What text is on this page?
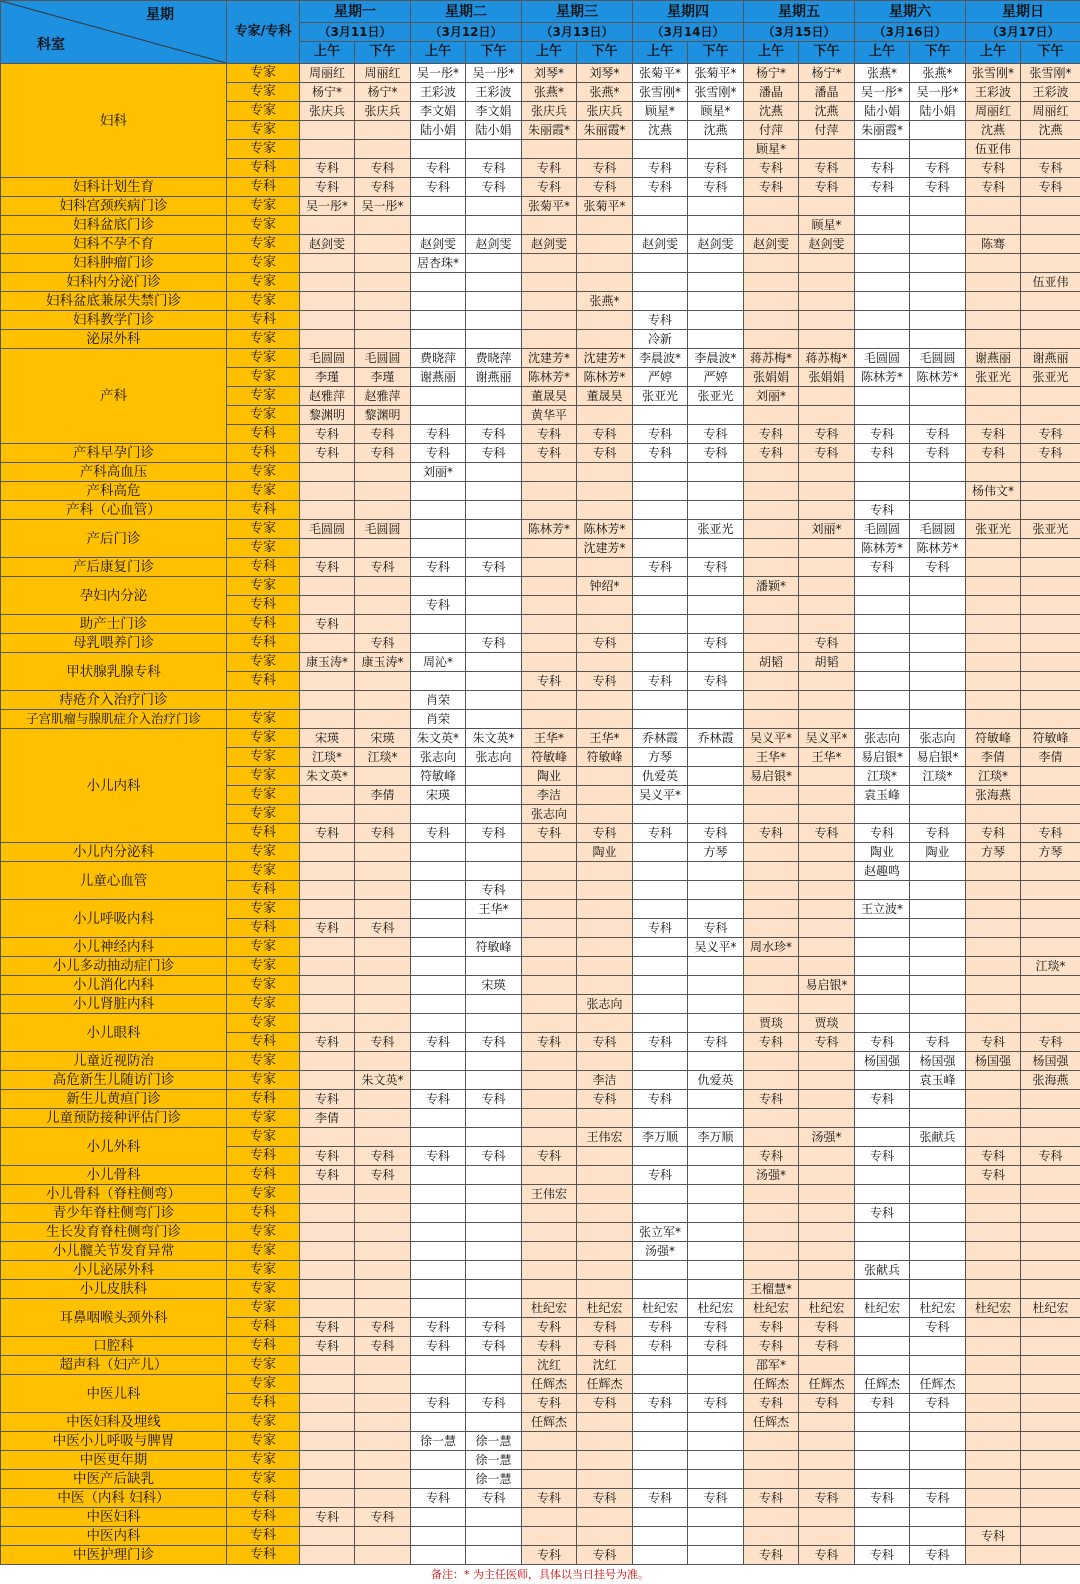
星期
科室	专家/专科	星期一		星期二		星期三		星期四		星期五		星期六		星期日	
		（3月11日）		（3月12日）		（3月13日）		（3月14日）		（3月15日）		（3月16日）		（3月17日）	
		上午	下午	上午	下午	上午	下午	上午	下午	上午	下午	上午	下午	上午	下午
妇科	专家	周丽红	周丽红	吴一彤*	吴一彤*	刘琴*	刘琴*	张菊平*	张菊平*	杨宁*	杨宁*	张燕*	张燕*	张雪刚*	张雪刚*
	专家	杨宁*	杨宁*	王彩波	王彩波	张燕*	张燕*	张雪刚*	张雪刚*	潘晶	潘晶	吴一彤*	吴一彤*	王彩波	王彩波
	专家	张庆兵	张庆兵	李文娟	李文娟	张庆兵	张庆兵	顾星*	顾星*	沈燕	沈燕	陆小娟	陆小娟	周丽红	周丽红
	专家			陆小娟	陆小娟	朱丽霞*	朱丽霞*	沈燕	沈燕	付萍	付萍	朱丽霞*		沈燕	沈燕
	专家									顾星*				伍亚伟	
	专科	专科	专科	专科	专科	专科	专科	专科	专科	专科	专科	专科	专科	专科	专科
妇科计划生育	专科	专科	专科	专科	专科	专科	专科	专科	专科	专科	专科	专科	专科	专科	专科
妇科宫颈疾病门诊	专家	吴一彤*	吴一彤*			张菊平*	张菊平*								
妇科盆底门诊	专家										顾星*				
妇科不孕不育	专家	赵剑雯		赵剑雯	赵剑雯	赵剑雯		赵剑雯	赵剑雯	赵剑雯	赵剑雯			陈骞	
妇科肿瘤门诊	专家			居杏珠*											
妇科内分泌门诊	专家														伍亚伟
妇科盆底兼尿失禁门诊	专家						张燕*								
妇科教学门诊	专科							专科							
泌尿外科	专家							冷新							
产科	专家	毛圆圆	毛圆圆	费晓萍	费晓萍	沈建芳*	沈建芳*	李晨波*	李晨波*	蒋苏梅*	蒋苏梅*	毛圆圆	毛圆圆	谢燕丽	谢燕丽
	专家	李瑾	李瑾	谢燕丽	谢燕丽	陈林芳*	陈林芳*	严婷	严婷	张娟娟	张娟娟	陈林芳*	陈林芳*	张亚光	张亚光
	专家	赵雅萍	赵雅萍			董晟昊	董晟昊	张亚光	张亚光	刘丽*					
	专家	黎渊明	黎渊明			黄华平									
	专科	专科	专科	专科	专科	专科	专科	专科	专科	专科	专科	专科	专科	专科	专科
产科早孕门诊	专科	专科	专科	专科	专科	专科	专科	专科	专科	专科	专科	专科	专科	专科	专科
产科高血压	专家			刘丽*											
产科高危	专家													杨伟文*	
产科（心血管）	专科											专科			
产后门诊	专家	毛圆圆	毛圆圆			陈林芳*	陈林芳*		张亚光		刘丽*	毛圆圆	毛圆圆	张亚光	张亚光
	专家						沈建芳*					陈林芳*	陈林芳*		
产后康复门诊	专科	专科	专科	专科	专科			专科	专科			专科	专科		
孕妇内分泌	专家						钟绍*			潘颖*					
	专科			专科											
助产士门诊	专科	专科													
母乳喂养门诊	专科		专科		专科		专科		专科		专科				
甲状腺乳腺专科	专家	康玉涛*	康玉涛*	周沁*						胡韬	胡韬				
	专科					专科	专科	专科	专科						
痔疮介入治疗门诊				肖荣											
子宫肌瘤与腺肌症介入治疗门诊	专家			肖荣											
小儿内科	专家	宋瑛	宋瑛	朱文英*	朱文英*	王华*	王华*	乔林霞	乔林霞	吴义平*	吴义平*	张志向	张志向	符敏峰	符敏峰
	专家	江琰*	江琰*	张志向	张志向	符敏峰	符敏峰	方琴		王华*	王华*	易启银*	易启银*	李倩	李倩
	专家	朱文英*		符敏峰		陶业		仇爱英		易启银*		江琰*	江琰*	江琰*	
	专家		李倩	宋瑛		李洁		吴义平*				袁玉峰		张海燕	
	专家					张志向									
	专科	专科	专科	专科	专科	专科	专科	专科	专科	专科	专科	专科	专科	专科	专科
小儿内分泌科	专家						陶业		方琴			陶业	陶业	方琴	方琴
儿童心血管	专家											赵趣鸣			
	专科				专科										
小儿呼吸内科	专家				王华*							王立波*			
	专科	专科	专科					专科	专科						
小儿神经内科	专家				符敏峰				吴义平*	周水珍*					
小儿多动抽动症门诊	专家														江琰*
小儿消化内科	专家				宋瑛						易启银*				
小儿肾脏内科	专家						张志向								
小儿眼科	专家									贾琰	贾琰				
	专科	专科	专科	专科	专科	专科	专科	专科	专科	专科	专科	专科	专科	专科	专科
儿童近视防治	专家											杨国强	杨国强	杨国强	杨国强
高危新生儿随访门诊	专家		朱文英*				李洁		仇爱英				袁玉峰		张海燕
新生儿黄疸门诊	专科	专科		专科	专科		专科	专科		专科		专科			
儿童预防接种评估门诊	专家	李倩													
小儿外科	专家						王伟宏	李万顺	李万顺		汤强*		张献兵		
	专科	专科	专科	专科	专科	专科				专科		专科		专科	专科
小儿骨科	专科	专科	专科					专科		汤强*				专科	
小儿骨科（脊柱侧弯）	专家					王伟宏									
青少年脊柱侧弯门诊	专科											专科			
生长发育脊柱侧弯门诊	专家							张立军*							
小儿髋关节发育异常	专家							汤强*							
小儿泌尿外科	专家											张献兵			
小儿皮肤科	专家									王榴慧*					
耳鼻咽喉头颈外科	专家					杜纪宏	杜纪宏	杜纪宏	杜纪宏	杜纪宏	杜纪宏	杜纪宏	杜纪宏	杜纪宏	杜纪宏
	专科	专科	专科	专科	专科	专科	专科	专科	专科	专科	专科		专科		
口腔科	专科	专科	专科	专科	专科	专科	专科	专科	专科	专科	专科				
超声科（妇产儿）	专家					沈红	沈红			邵军*					
中医儿科	专家					任辉杰	任辉杰			任辉杰	任辉杰	任辉杰	任辉杰		
	专科			专科	专科	专科	专科	专科	专科	专科	专科	专科	专科		
中医妇科及埋线	专家					任辉杰				任辉杰					
中医小儿呼吸与脾胃	专家			徐一慧	徐一慧										
中医更年期	专家				徐一慧										
中医产后缺乳	专家				徐一慧										
中医（内科 妇科）	专科			专科	专科	专科	专科	专科	专科	专科	专科	专科	专科		
中医妇科	专科	专科	专科												
中医内科	专科													专科	
中医护理门诊	专科					专科	专科			专科	专科	专科	专科		
备注：* 为主任医师，具体以当日挂号为准。
